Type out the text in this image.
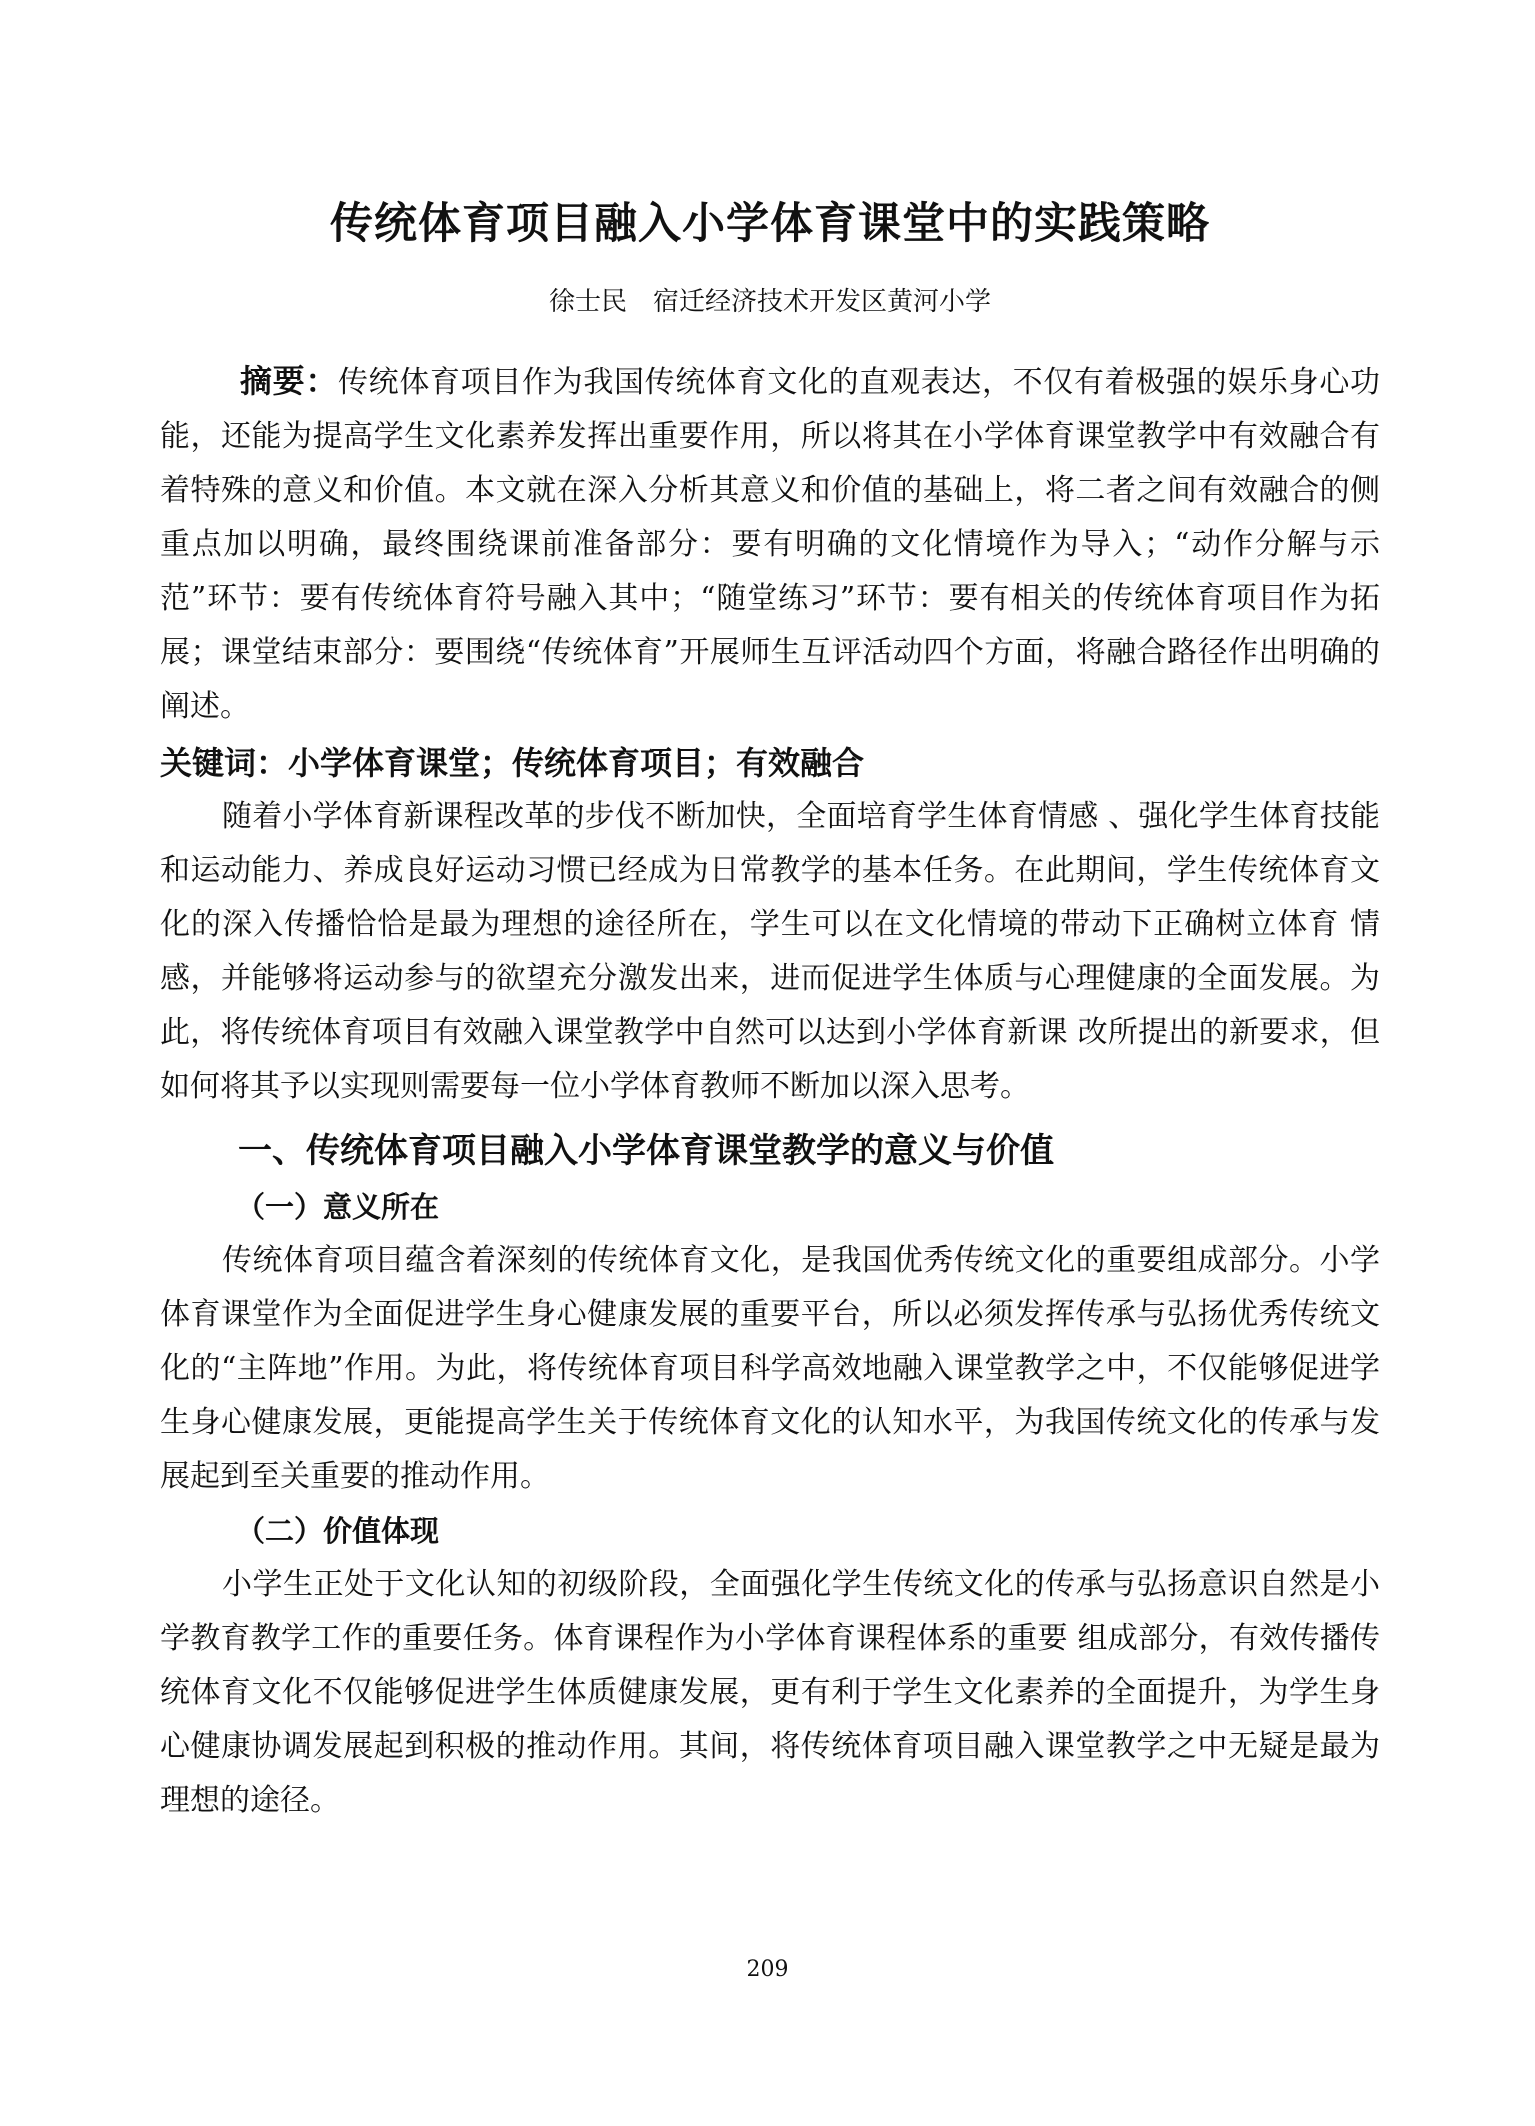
传统体育项目融入小学体育课堂中的实践策略
徐士民　宿迁经济技术开发区黄河小学
摘要：传统体育项目作为我国传统体育文化的直观表达，不仅有着极强的娱乐身心功能，还能为提高学生文化素养发挥出重要作用，所以将其在小学体育课堂教学中有效融合有着特殊的意义和价值。本文就在深入分析其意义和价值的基础上，将二者之间有效融合的侧重点加以明确，最终围绕课前准备部分：要有明确的文化情境作为导入；“动作分解与示范”环节：要有传统体育符号融入其中；“随堂练习”环节：要有相关的传统体育项目作为拓展；课堂结束部分：要围绕“传统体育”开展师生互评活动四个方面，将融合路径作出明确的阐述。
关键词：小学体育课堂；传统体育项目；有效融合

随着小学体育新课程改革的步伐不断加快，全面培育学生体育情感 、强化学生体育技能和运动能力、养成良好运动习惯已经成为日常教学的基本任务。在此期间，学生传统体育文化的深入传播恰恰是最为理想的途径所在，学生可以在文化情境的带动下正确树立体育 情感，并能够将运动参与的欲望充分激发出来，进而促进学生体质与心理健康的全面发展。为此，将传统体育项目有效融入课堂教学中自然可以达到小学体育新课 改所提出的新要求，但如何将其予以实现则需要每一位小学体育教师不断加以深入思考。

一、传统体育项目融入小学体育课堂教学的意义与价值
（一）意义所在

传统体育项目蕴含着深刻的传统体育文化，是我国优秀传统文化的重要组成部分。小学体育课堂作为全面促进学生身心健康发展的重要平台，所以必须发挥传承与弘扬优秀传统文化的“主阵地”作用。为此，将传统体育项目科学高效地融入课堂教学之中，不仅能够促进学生身心健康发展，更能提高学生关于传统体育文化的认知水平，为我国传统文化的传承与发展起到至关重要的推动作用。

（二）价值体现

小学生正处于文化认知的初级阶段，全面强化学生传统文化的传承与弘扬意识自然是小学教育教学工作的重要任务。体育课程作为小学体育课程体系的重要 组成部分，有效传播传统体育文化不仅能够促进学生体质健康发展，更有利于学生文化素养的全面提升，为学生身心健康协调发展起到积极的推动作用。其间，将传统体育项目融入课堂教学之中无疑是最为理想的途径。

209
